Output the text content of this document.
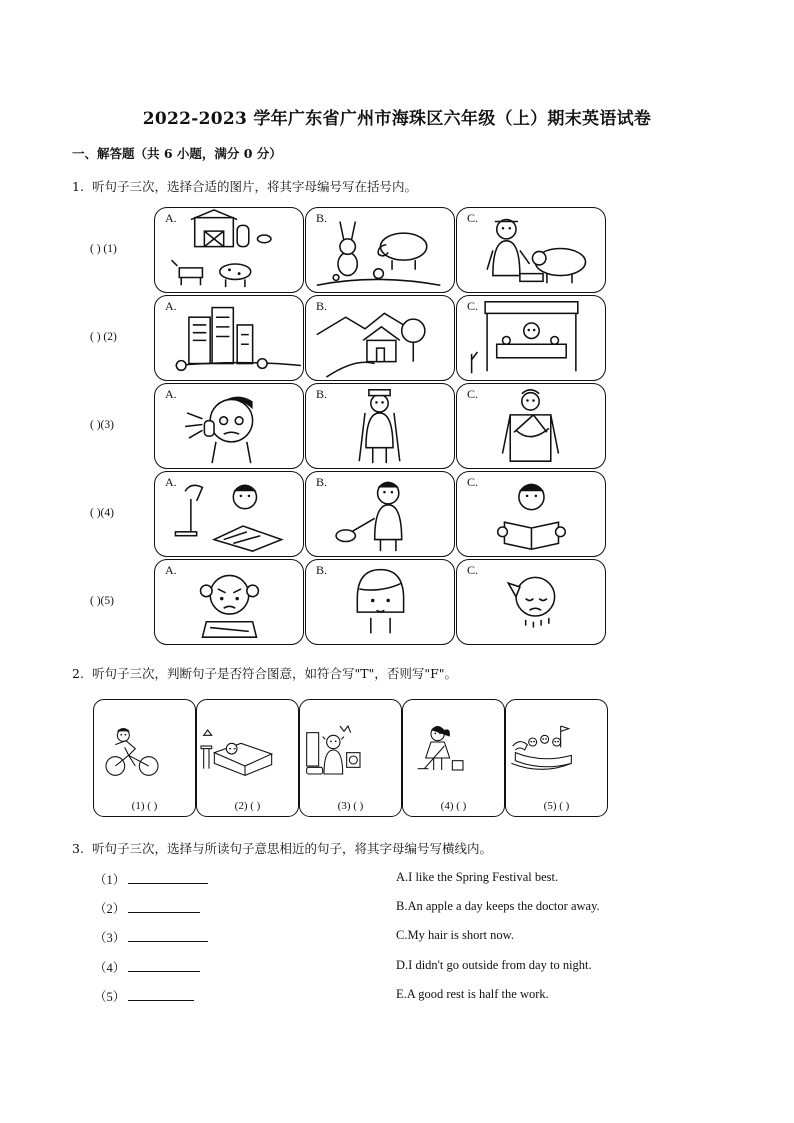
2022-2023 学年广东省广州市海珠区六年级（上）期末英语试卷
一、解答题（共 6 小题，满分 0 分）
1. 听句子三次，选择合适的图片，将其字母编号写在括号内。
( ) (1)
A.	B.	C.
( ) (2)
A.	B.	C.
( )(3)
A.	B.	C.
( )(4)
A.	B.	C.
( )(5)
A.	B.	C.
2. 听句子三次，判断句子是否符合图意，如符合写"T"，否则写"F"。
(1) ( )	(2) ( )	(3) ( )	(4) ( )	(5) ( )
3. 听句子三次，选择与所读句子意思相近的句子，将其字母编号写横线内。
（1）
（2）
（3）
（4）
（5）
A.I like the Spring Festival best.
B.An apple a day keeps the doctor away.
C.My hair is short now.
D.I didn't go outside from day to night.
E.A good rest is half the work.
